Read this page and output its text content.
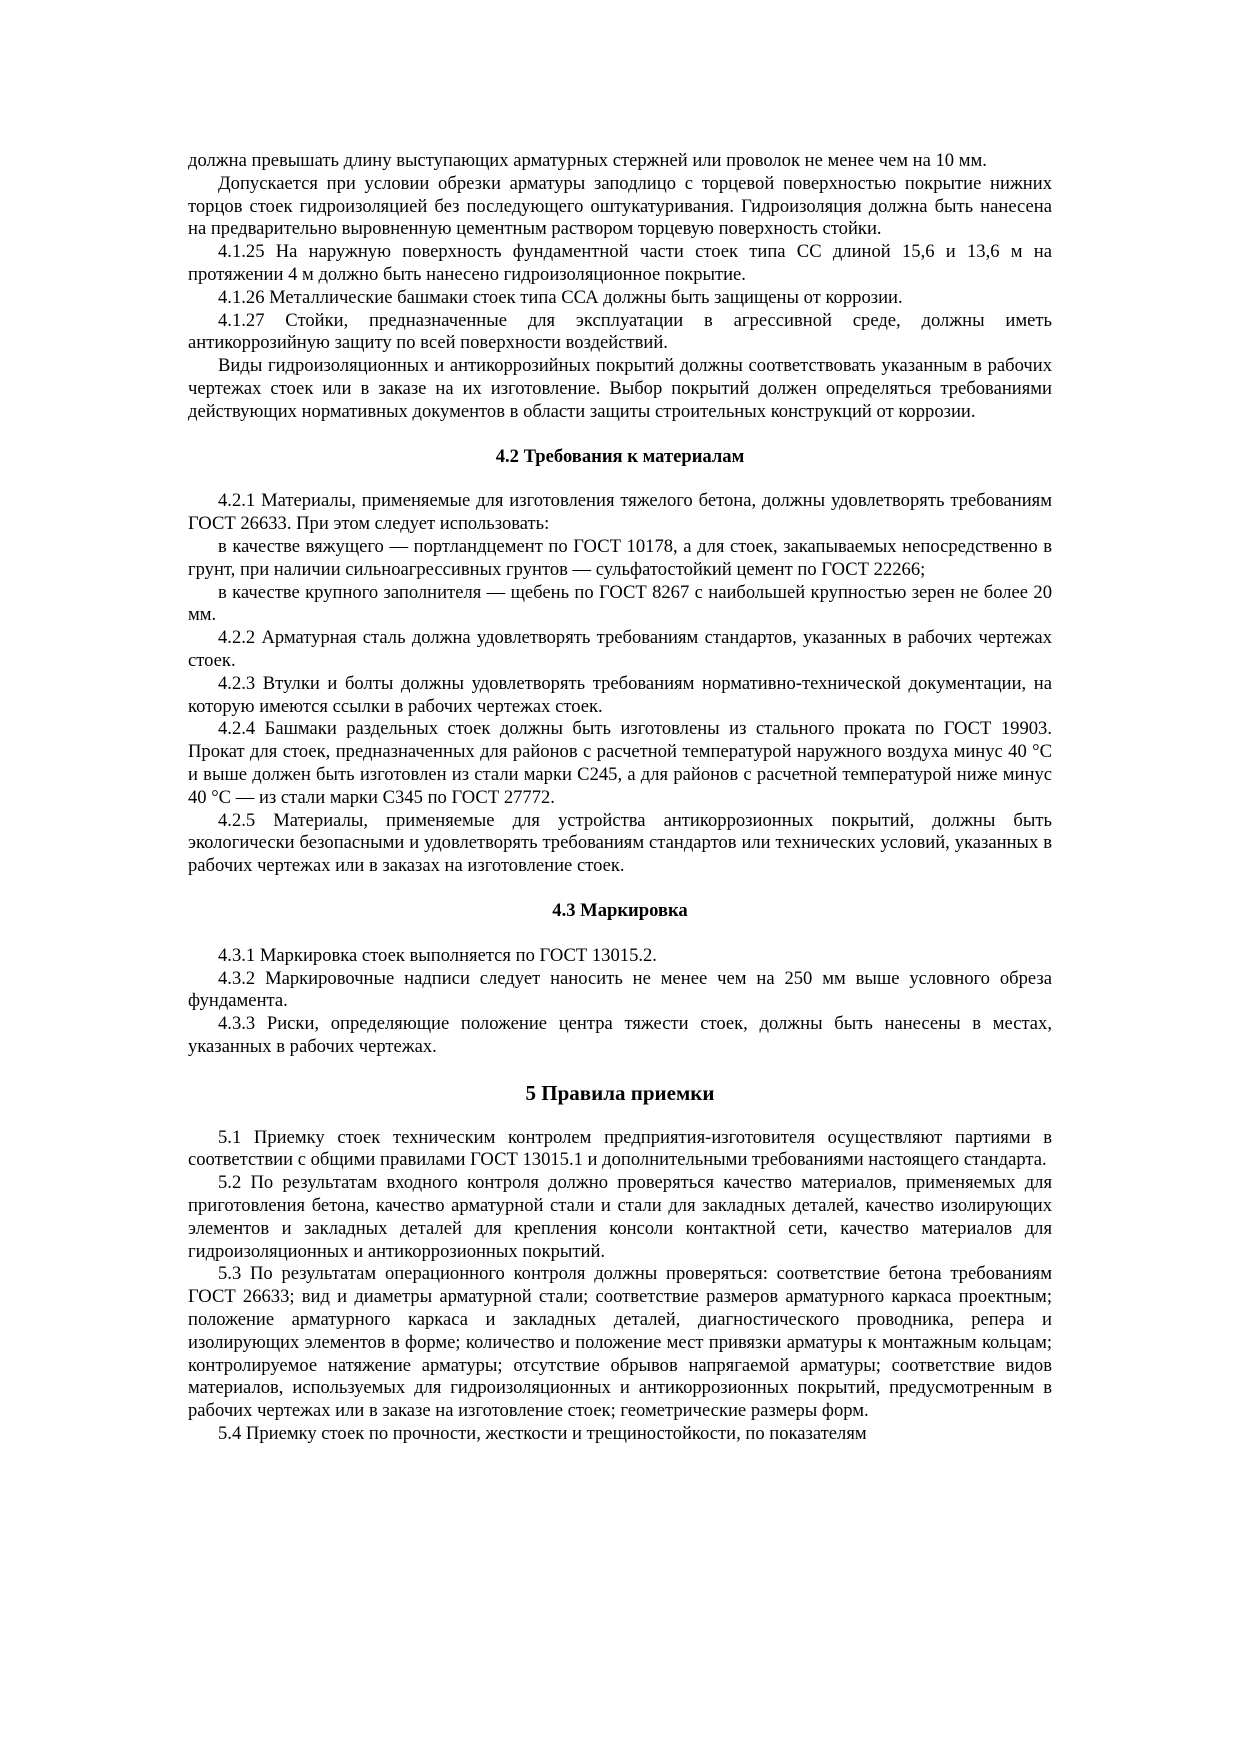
должна превышать длину выступающих арматурных стержней или проволок не менее чем на 10 мм.

Допускается при условии обрезки арматуры заподлицо с торцевой поверхностью покрытие нижних торцов стоек гидроизоляцией без последующего оштукатуривания. Гидроизоляция должна быть нанесена на предварительно выровненную цементным раствором торцевую поверхность стойки.

4.1.25 На наружную поверхность фундаментной части стоек типа СС длиной 15,6 и 13,6 м на протяжении 4 м должно быть нанесено гидроизоляционное покрытие.

4.1.26 Металлические башмаки стоек типа ССА должны быть защищены от коррозии.

4.1.27 Стойки, предназначенные для эксплуатации в агрессивной среде, должны иметь антикоррозийную защиту по всей поверхности воздействий.

Виды гидроизоляционных и антикоррозийных покрытий должны соответствовать указанным в рабочих чертежах стоек или в заказе на их изготовление. Выбор покрытий должен определяться требованиями действующих нормативных документов в области защиты строительных конструкций от коррозии.

4.2 Требования к материалам

4.2.1 Материалы, применяемые для изготовления тяжелого бетона, должны удовлетворять требованиям ГОСТ 26633. При этом следует использовать:

в качестве вяжущего — портландцемент по ГОСТ 10178, а для стоек, закапываемых непосредственно в грунт, при наличии сильноагрессивных грунтов — сульфатостойкий цемент по ГОСТ 22266;

в качестве крупного заполнителя — щебень по ГОСТ 8267 с наибольшей крупностью зерен не более 20 мм.

4.2.2 Арматурная сталь должна удовлетворять требованиям стандартов, указанных в рабочих чертежах стоек.

4.2.3 Втулки и болты должны удовлетворять требованиям нормативно-технической документации, на которую имеются ссылки в рабочих чертежах стоек.

4.2.4 Башмаки раздельных стоек должны быть изготовлены из стального проката по ГОСТ 19903. Прокат для стоек, предназначенных для районов с расчетной температурой наружного воздуха минус 40 °С и выше должен быть изготовлен из стали марки С245, а для районов с расчетной температурой ниже минус 40 °С — из стали марки С345 по ГОСТ 27772.

4.2.5 Материалы, применяемые для устройства антикоррозионных покрытий, должны быть экологически безопасными и удовлетворять требованиям стандартов или технических условий, указанных в рабочих чертежах или в заказах на изготовление стоек.

4.3 Маркировка

4.3.1 Маркировка стоек выполняется по ГОСТ 13015.2.

4.3.2 Маркировочные надписи следует наносить не менее чем на 250 мм выше условного обреза фундамента.

4.3.3 Риски, определяющие положение центра тяжести стоек, должны быть нанесены в местах, указанных в рабочих чертежах.

5 Правила приемки

5.1 Приемку стоек техническим контролем предприятия-изготовителя осуществляют партиями в соответствии с общими правилами ГОСТ 13015.1 и дополнительными требованиями настоящего стандарта.

5.2 По результатам входного контроля должно проверяться качество материалов, применяемых для приготовления бетона, качество арматурной стали и стали для закладных деталей, качество изолирующих элементов и закладных деталей для крепления консоли контактной сети, качество материалов для гидроизоляционных и антикоррозионных покрытий.

5.3 По результатам операционного контроля должны проверяться: соответствие бетона требованиям ГОСТ 26633; вид и диаметры арматурной стали; соответствие размеров арматурного каркаса проектным; положение арматурного каркаса и закладных деталей, диагностического проводника, репера и изолирующих элементов в форме; количество и положение мест привязки арматуры к монтажным кольцам; контролируемое натяжение арматуры; отсутствие обрывов напрягаемой арматуры; соответствие видов материалов, используемых для гидроизоляционных и антикоррозионных покрытий, предусмотренным в рабочих чертежах или в заказе на изготовление стоек; геометрические размеры форм.

5.4 Приемку стоек по прочности, жесткости и трещиностойкости, по показателям
